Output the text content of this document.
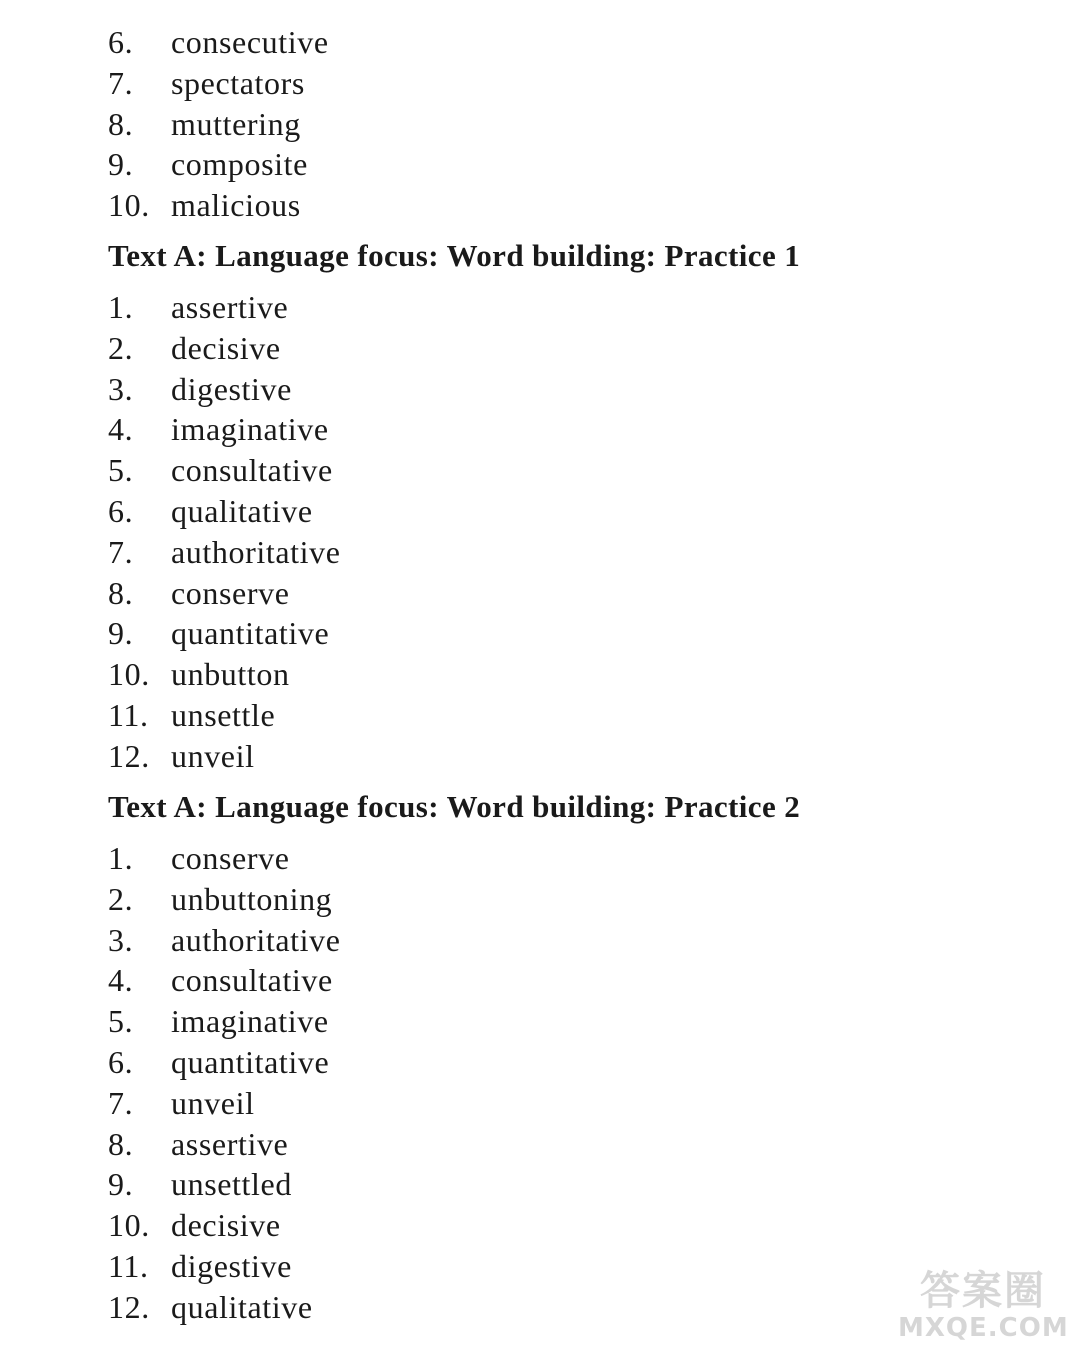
6. consecutive
7. spectators
8. muttering
9. composite
10. malicious
Text A: Language focus: Word building: Practice 1
1. assertive
2. decisive
3. digestive
4. imaginative
5. consultative
6. qualitative
7. authoritative
8. conserve
9. quantitative
10. unbutton
11. unsettle
12. unveil
Text A: Language focus: Word building: Practice 2
1. conserve
2. unbuttoning
3. authoritative
4. consultative
5. imaginative
6. quantitative
7. unveil
8. assertive
9. unsettled
10. decisive
11. digestive
12. qualitative	答案圈
MXQE.COM
